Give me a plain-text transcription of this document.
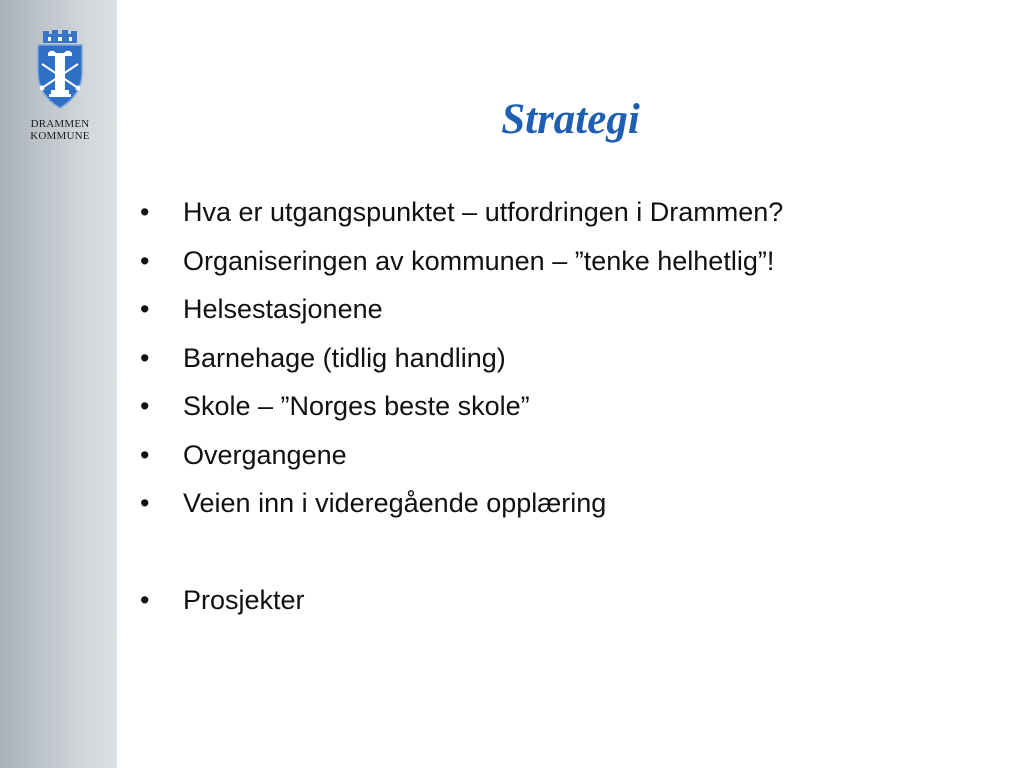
DRAMMEN
KOMMUNE	Strategi
• Hva er utgangspunktet – utfordringen i Drammen?
• Organiseringen av kommunen – ”tenke helhetlig”!
• Helsestasjonene
• Barnehage (tidlig handling)
• Skole – ”Norges beste skole”
• Overgangene
• Veien inn i videregående opplæring
• Prosjekter
